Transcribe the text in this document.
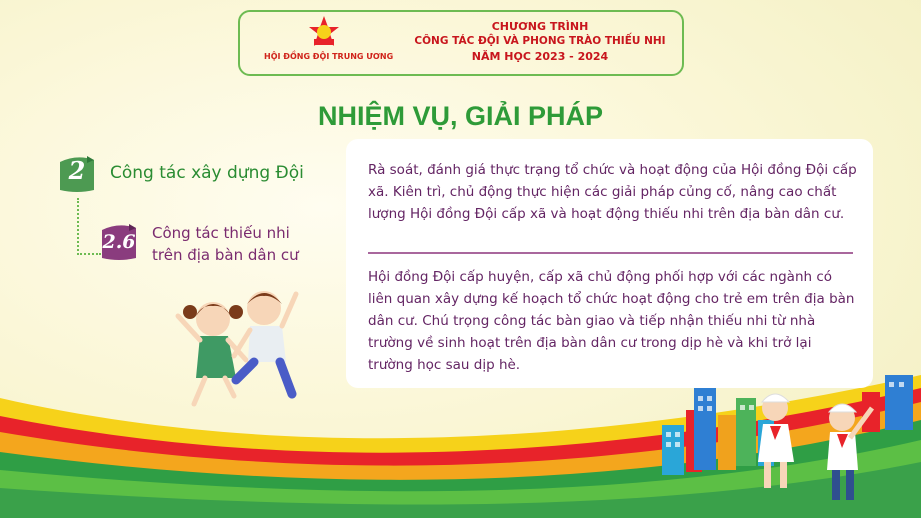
HỘI ĐỒNG ĐỘI TRUNG ƯƠNG
CHƯƠNG TRÌNH
CÔNG TÁC ĐỘI VÀ PHONG TRÀO THIẾU NHI
NĂM HỌC 2023 - 2024
NHIỆM VỤ, GIẢI PHÁP
2	Công tác xây dựng Đội
2.6 Công tác thiếu nhi trên địa bàn dân cư
Rà soát, đánh giá thực trạng tổ chức và hoạt động của Hội đồng Đội cấp xã. Kiên trì, chủ động thực hiện các giải pháp củng cố, nâng cao chất lượng Hội đồng Đội cấp xã và hoạt động thiếu nhi trên địa bàn dân cư.
Hội đồng Đội cấp huyện, cấp xã chủ động phối hợp với các ngành có liên quan xây dựng kế hoạch tổ chức hoạt động cho trẻ em trên địa bàn dân cư. Chú trọng công tác bàn giao và tiếp nhận thiếu nhi từ nhà trường về sinh hoạt trên địa bàn dân cư trong dịp hè và khi trở lại trường học sau dịp hè.
